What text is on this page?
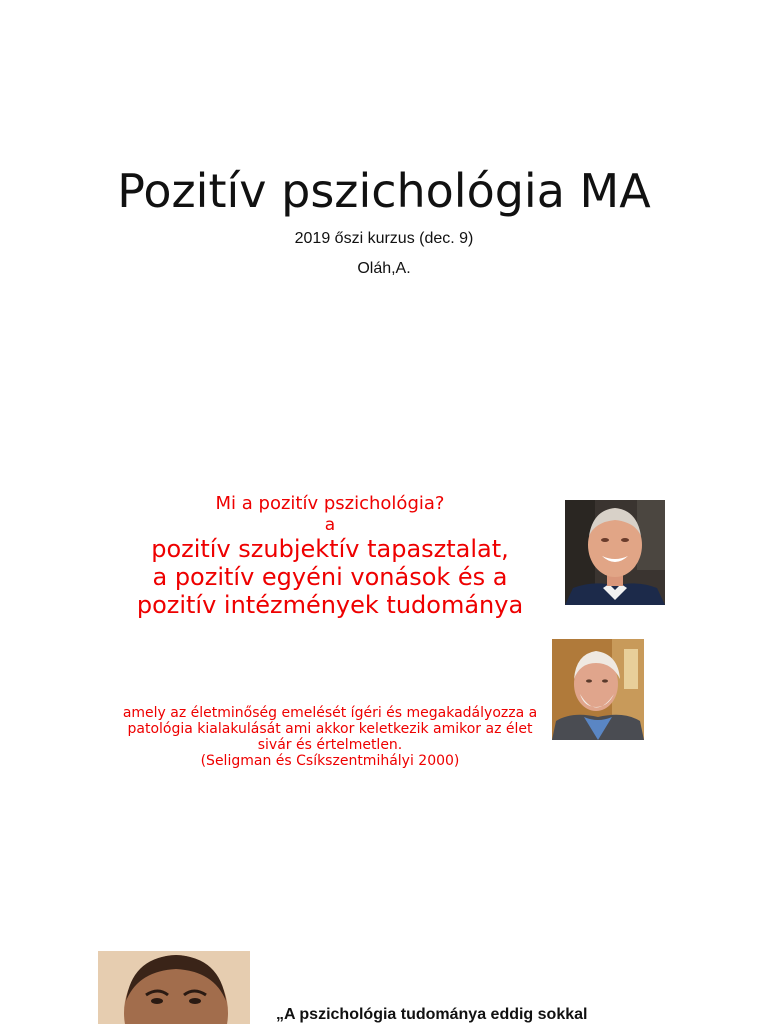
Pozitív pszichológia MA
2019 őszi kurzus (dec. 9)
Oláh,A.
Mi a pozitív pszichológia?
a
pozitív szubjektív tapasztalat,
a pozitív egyéni vonások és a
pozitív intézmények tudománya
amely az életminőség emelését ígéri és megakadályozza a
patológia kialakulását ami akkor keletkezik amikor az élet
sivár és értelmetlen.
(Seligman és Csíkszentmihályi 2000)
„A pszichológia tudománya eddig sokkal
